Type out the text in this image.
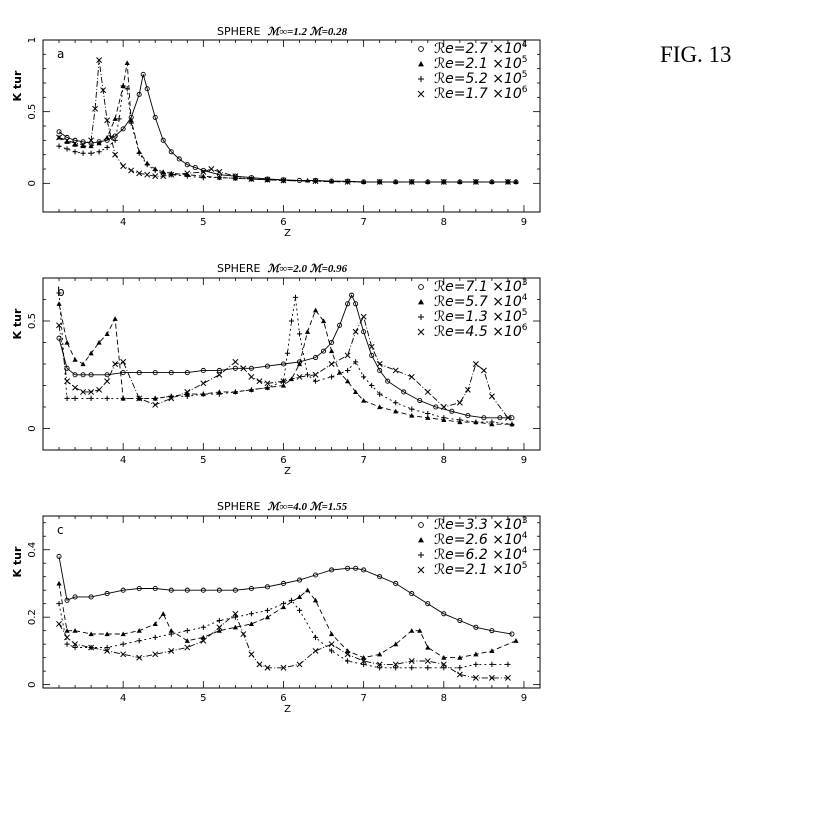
FIG. 13

SPHERE ℳ∞=1.2 ℳ=0.28

SPHERE ℳ∞=2.0 ℳ=0.96

SPHERE ℳ∞=4.0 ℳ=1.55

4	5	6	7	8	9
0
0.5
1
Z
K tur
a	ℛe=2.7 $\times 10^4$
ℛe=2.1 $\times 10^5$
ℛe=5.2 $\times 10^5$
ℛe=1.7 $\times 10^6$
4	5	6	7	8	9
0
0.5
Z
K tur
b	ℛe=7.1 $\times 10^3$
ℛe=5.7 $\times 10^4$
ℛe=1.3 $\times 10^5$
ℛe=4.5 $\times 10^6$
4	5	6	7	8	9
0
0.2
0.4
Z
K tur
c	ℛe=3.3 $\times 10^3$
ℛe=2.6 $\times 10^4$
ℛe=6.2 $\times 10^4$
ℛe=2.1 $\times 10^5$
